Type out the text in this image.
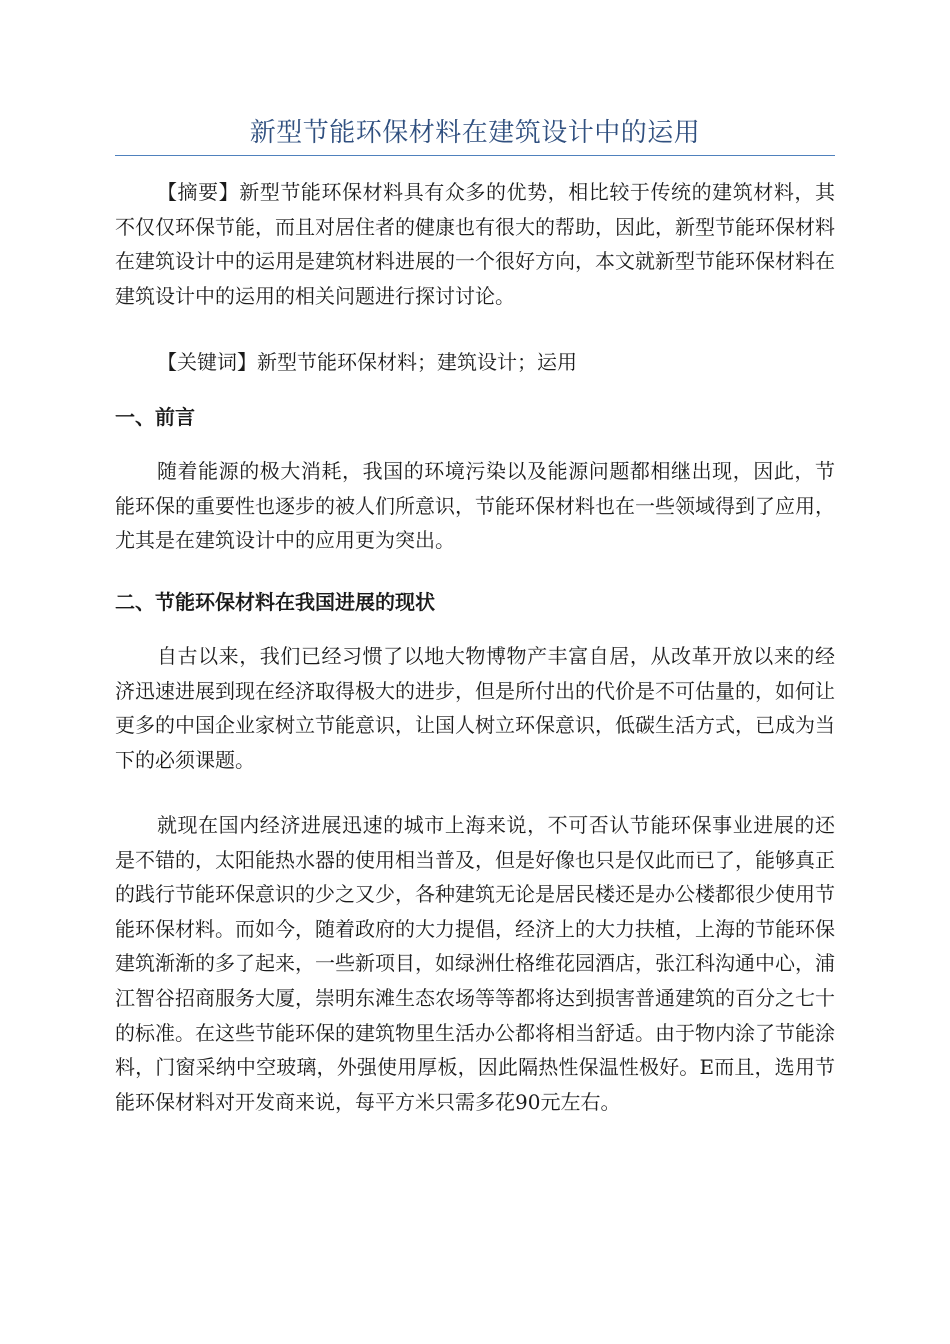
新型节能环保材料在建筑设计中的运用

【摘要】新型节能环保材料具有众多的优势，相比较于传统的建筑材料，其不仅仅环保节能，而且对居住者的健康也有很大的帮助，因此，新型节能环保材料在建筑设计中的运用是建筑材料进展的一个很好方向，本文就新型节能环保材料在建筑设计中的运用的相关问题进行探讨讨论。

【关键词】新型节能环保材料；建筑设计；运用

一、前言

随着能源的极大消耗，我国的环境污染以及能源问题都相继出现，因此，节能环保的重要性也逐步的被人们所意识，节能环保材料也在一些领域得到了应用，尤其是在建筑设计中的应用更为突出。

二、节能环保材料在我国进展的现状

自古以来，我们已经习惯了以地大物博物产丰富自居，从改革开放以来的经济迅速进展到现在经济取得极大的进步，但是所付出的代价是不可估量的，如何让更多的中国企业家树立节能意识，让国人树立环保意识，低碳生活方式，已成为当下的必须课题。

就现在国内经济进展迅速的城市上海来说，不可否认节能环保事业进展的还是不错的，太阳能热水器的使用相当普及，但是好像也只是仅此而已了，能够真正的践行节能环保意识的少之又少，各种建筑无论是居民楼还是办公楼都很少使用节能环保材料。而如今，随着政府的大力提倡，经济上的大力扶植，上海的节能环保建筑渐渐的多了起来，一些新项目，如绿洲仕格维花园酒店，张江科沟通中心，浦江智谷招商服务大厦，崇明东滩生态农场等等都将达到损害普通建筑的百分之七十的标准。在这些节能环保的建筑物里生活办公都将相当舒适。由于物内涂了节能涂料，门窗采纳中空玻璃，外强使用厚板，因此隔热性保温性极好。E而且，选用节能环保材料对开发商来说，每平方米只需多花90元左右。
